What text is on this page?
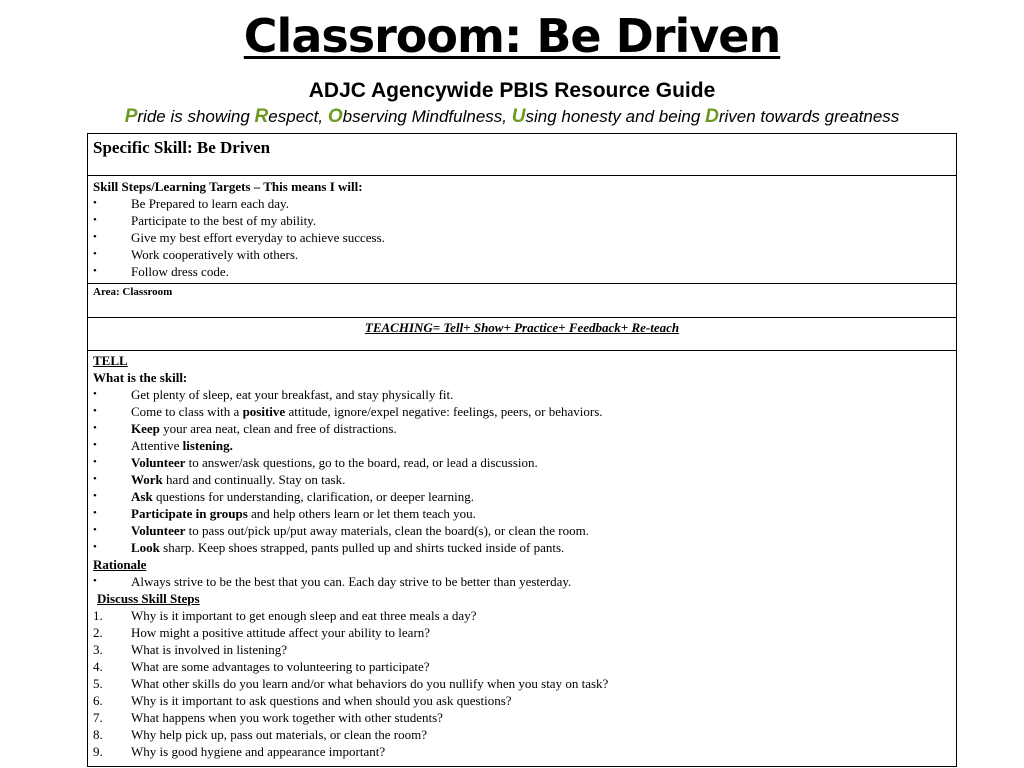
Classroom: Be Driven
ADJC Agencywide PBIS Resource Guide
Pride is showing Respect, Observing Mindfulness, Using honesty and being Driven towards greatness
Specific Skill: Be Driven
Skill Steps/Learning Targets – This means I will:
•	Be Prepared to learn each day.
•	Participate to the best of my ability.
•	Give my best effort everyday to achieve success.
•	Work cooperatively with others.
•	Follow dress code.
Area: Classroom
TEACHING= Tell+ Show+ Practice+ Feedback+ Re-teach
TELL
What is the skill:
•	Get plenty of sleep, eat your breakfast, and stay physically fit.
•	Come to class with a positive attitude, ignore/expel negative: feelings, peers, or behaviors.
•	Keep your area neat, clean and free of distractions.
•	Attentive listening.
•	Volunteer to answer/ask questions, go to the board, read, or lead a discussion.
•	Work hard and continually. Stay on task.
•	Ask questions for understanding, clarification, or deeper learning.
•	Participate in groups and help others learn or let them teach you.
•	Volunteer to pass out/pick up/put away materials, clean the board(s), or clean the room.
•	Look sharp. Keep shoes strapped, pants pulled up and shirts tucked inside of pants.
Rationale
•	Always strive to be the best that you can. Each day strive to be better than yesterday.
Discuss Skill Steps
1.	Why is it important to get enough sleep and eat three meals a day?
2.	How might a positive attitude affect your ability to learn?
3.	What is involved in listening?
4.	What are some advantages to volunteering to participate?
5.	What other skills do you learn and/or what behaviors do you nullify when you stay on task?
6.	Why is it important to ask questions and when should you ask questions?
7.	What happens when you work together with other students?
8.	Why help pick up, pass out materials, or clean the room?
9.	Why is good hygiene and appearance important?
